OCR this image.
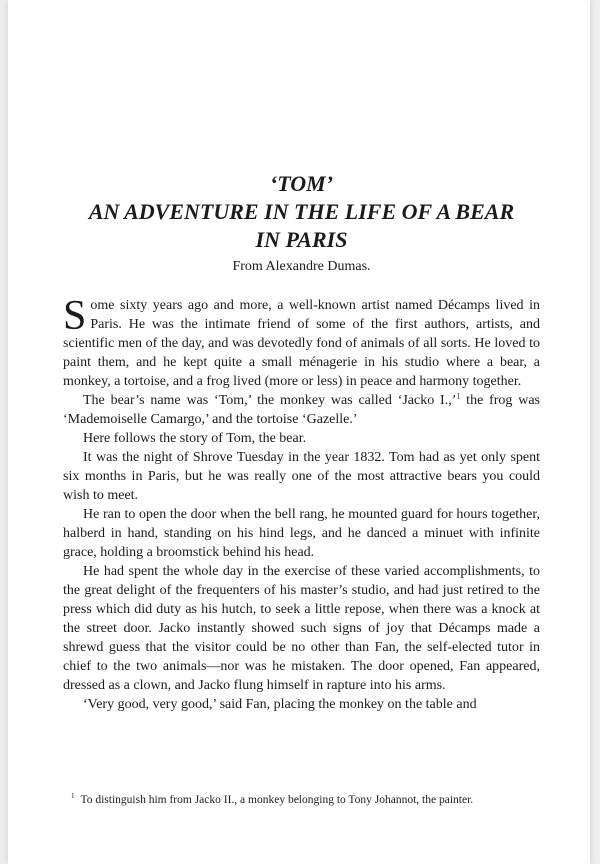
‘TOM’
AN ADVENTURE IN THE LIFE OF A BEAR
IN PARIS

From Alexandre Dumas.

Some sixty years ago and more, a well-known artist named Décamps lived in Paris. He was the intimate friend of some of the first authors, artists, and scientific men of the day, and was devotedly fond of animals of all sorts. He loved to paint them, and he kept quite a small ménagerie in his studio where a bear, a monkey, a tortoise, and a frog lived (more or less) in peace and harmony together.

The bear’s name was ‘Tom,’ the monkey was called ‘Jacko I.,’$^1$ the frog was ‘Mademoiselle Camargo,’ and the tortoise ‘Gazelle.’

Here follows the story of Tom, the bear.

It was the night of Shrove Tuesday in the year 1832. Tom had as yet only spent six months in Paris, but he was really one of the most attractive bears you could wish to meet.

He ran to open the door when the bell rang, he mounted guard for hours together, halberd in hand, standing on his hind legs, and he danced a minuet with infinite grace, holding a broomstick behind his head.

He had spent the whole day in the exercise of these varied accomplishments, to the great delight of the frequenters of his master’s studio, and had just retired to the press which did duty as his hutch, to seek a little repose, when there was a knock at the street door. Jacko instantly showed such signs of joy that Décamps made a shrewd guess that the visitor could be no other than Fan, the self-elected tutor in chief to the two animals—nor was he mistaken. The door opened, Fan appeared, dressed as a clown, and Jacko flung himself in rapture into his arms.

‘Very good, very good,’ said Fan, placing the monkey on the table and

$^1$ To distinguish him from Jacko II., a monkey belonging to Tony Johannot, the painter.
